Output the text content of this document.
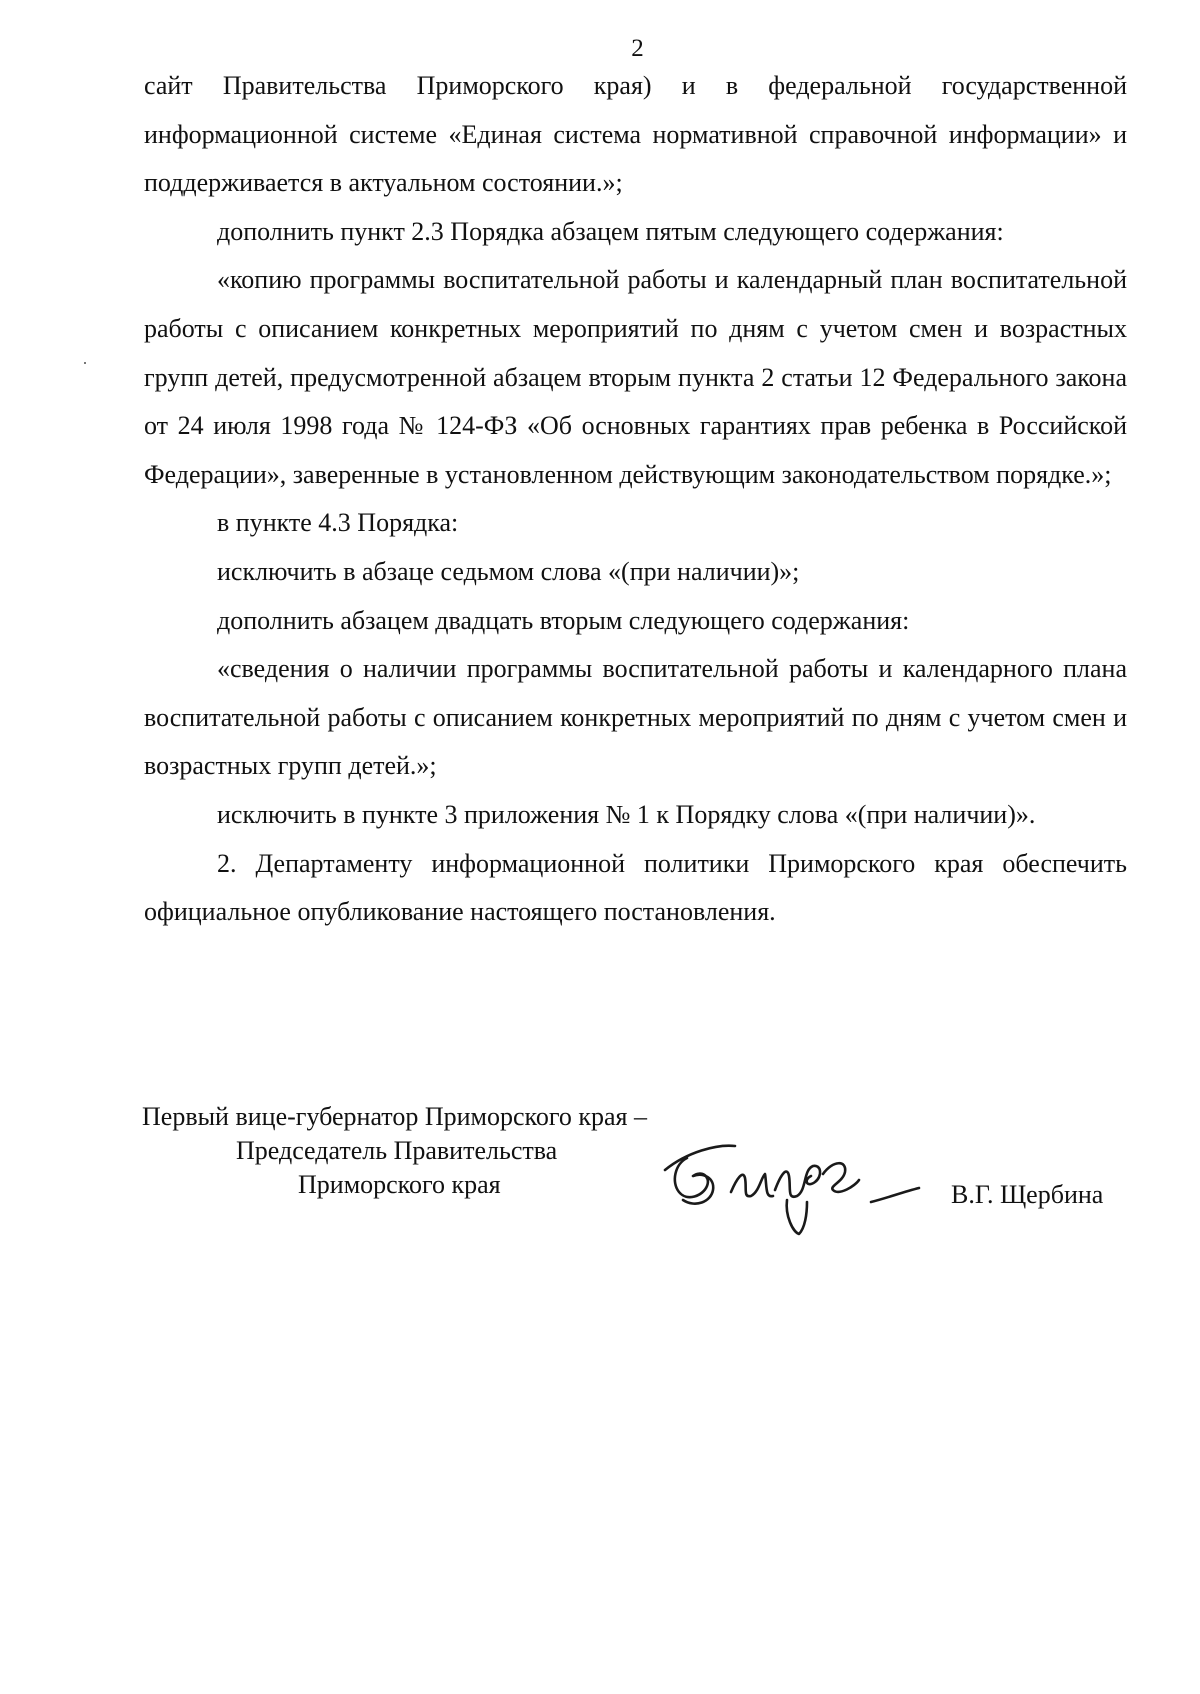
2

сайт Правительства Приморского края) и в федеральной государственной информационной системе «Единая система нормативной справочной информации» и поддерживается в актуальном состоянии.»;

дополнить пункт 2.3 Порядка абзацем пятым следующего содержания:

«копию программы воспитательной работы и календарный план воспитательной работы с описанием конкретных мероприятий по дням с учетом смен и возрастных групп детей, предусмотренной абзацем вторым пункта 2 статьи 12 Федерального закона от 24 июля 1998 года № 124-ФЗ «Об основных гарантиях прав ребенка в Российской Федерации», заверенные в установленном действующим законодательством порядке.»;

в пункте 4.3 Порядка:

исключить в абзаце седьмом слова «(при наличии)»;

дополнить абзацем двадцать вторым следующего содержания:

«сведения о наличии программы воспитательной работы и календарного плана воспитательной работы с описанием конкретных мероприятий по дням с учетом смен и возрастных групп детей.»;

исключить в пункте 3 приложения № 1 к Порядку слова «(при наличии)».

2. Департаменту информационной политики Приморского края обеспечить официальное опубликование настоящего постановления.

Первый вице-губернатор Приморского края –
Председатель Правительства
Приморского края	В.Г. Щербина
